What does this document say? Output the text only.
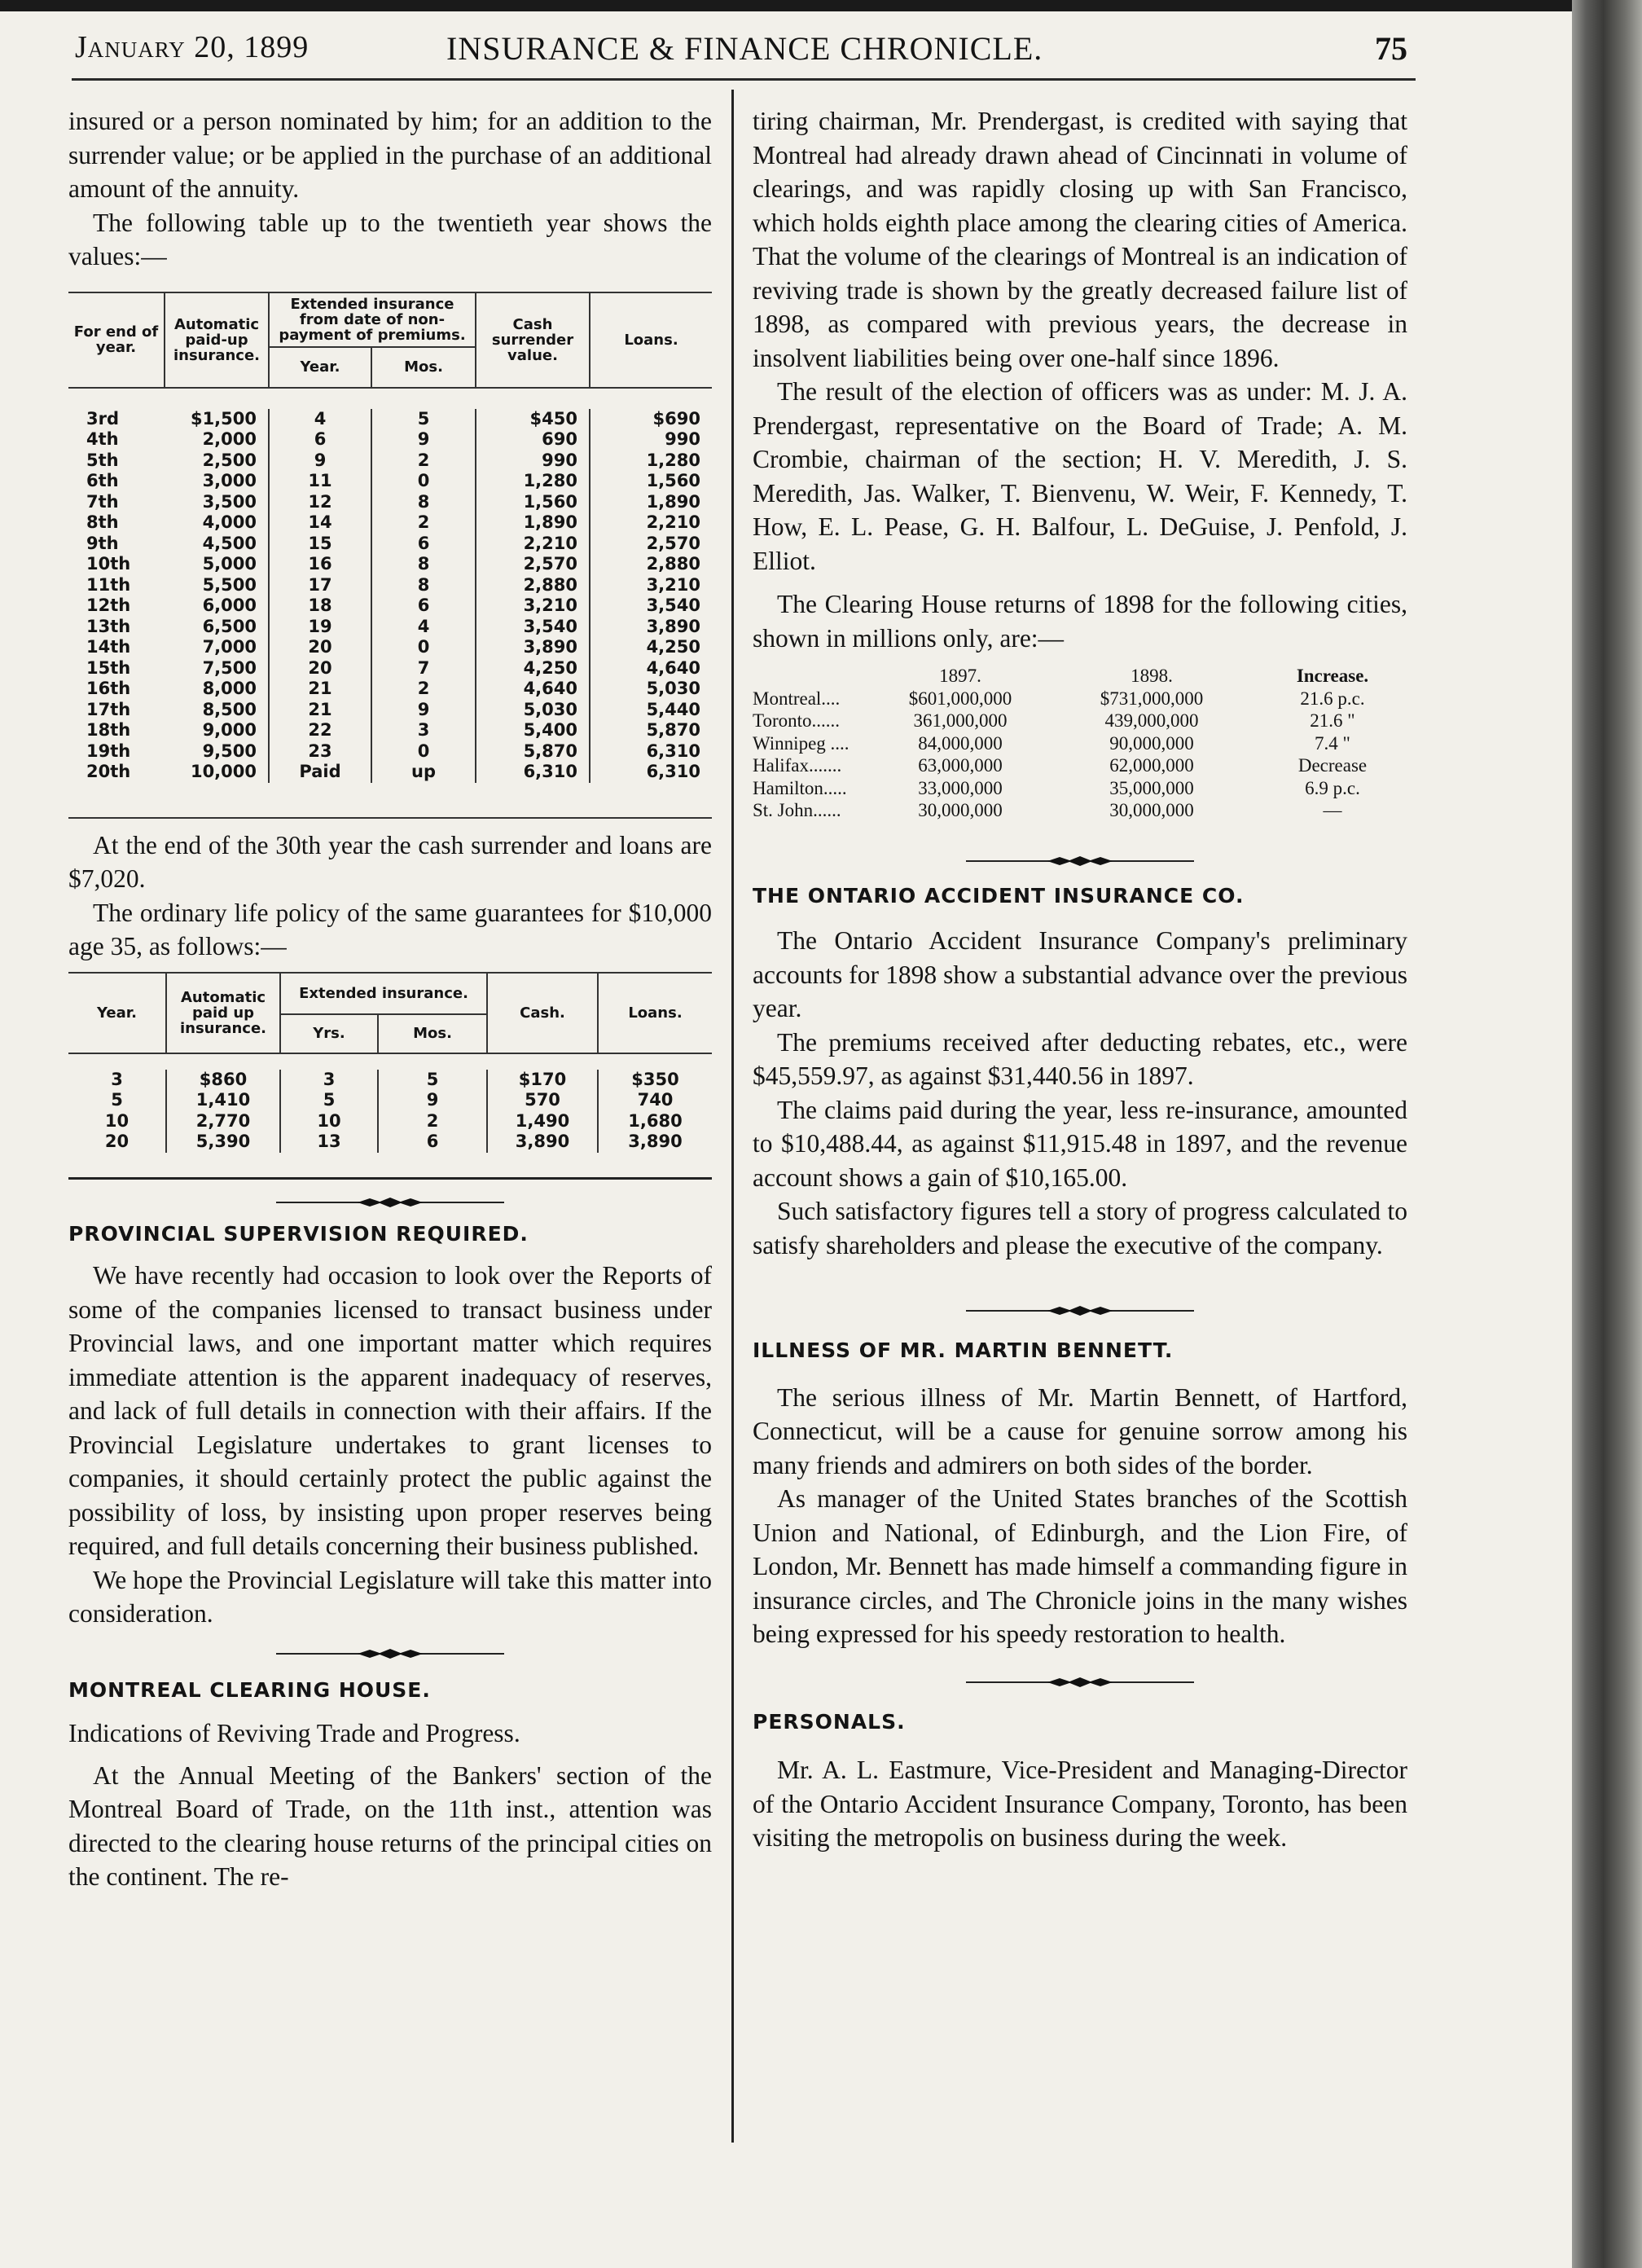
January 20, 1899	INSURANCE & FINANCE CHRONICLE.	75

insured or a person nominated by him; for an addition to the surrender value; or be applied in the purchase of an additional amount of the annuity.

The following table up to the twentieth year shows the values:—

For end of year.	Automatic paid-up insurance.	Extended insurance from date of non-payment of premiums.		Cash surrender value.	Loans.
		Year.	Mos.		

3rd	$1,500	4	5	$450	$690
4th	2,000	6	9	690	990
5th	2,500	9	2	990	1,280
6th	3,000	11	0	1,280	1,560
7th	3,500	12	8	1,560	1,890
8th	4,000	14	2	1,890	2,210
9th	4,500	15	6	2,210	2,570
10th	5,000	16	8	2,570	2,880
11th	5,500	17	8	2,880	3,210
12th	6,000	18	6	3,210	3,540
13th	6,500	19	4	3,540	3,890
14th	7,000	20	0	3,890	4,250
15th	7,500	20	7	4,250	4,640
16th	8,000	21	2	4,640	5,030
17th	8,500	21	9	5,030	5,440
18th	9,000	22	3	5,400	5,870
19th	9,500	23	0	5,870	6,310
20th	10,000	Paid	up	6,310	6,310

At the end of the 30th year the cash surrender and loans are $7,020.

The ordinary life policy of the same guarantees for $10,000 age 35, as follows:—

Year.	Automatic paid up insurance.	Extended insurance.		Cash.	Loans.
		Yrs.	Mos.		

3	$860	3	5	$170	$350
5	1,410	5	9	570	740
10	2,770	10	2	1,490	1,680
20	5,390	13	6	3,890	3,890

PROVINCIAL SUPERVISION REQUIRED.

We have recently had occasion to look over the Reports of some of the companies licensed to transact business under Provincial laws, and one important matter which requires immediate attention is the apparent inadequacy of reserves, and lack of full details in connection with their affairs. If the Provincial Legislature undertakes to grant licenses to companies, it should certainly protect the public against the possibility of loss, by insisting upon proper reserves being required, and full details concerning their business published.

We hope the Provincial Legislature will take this matter into consideration.

MONTREAL CLEARING HOUSE.

Indications of Reviving Trade and Progress.

At the Annual Meeting of the Bankers' section of the Montreal Board of Trade, on the 11th inst., attention was directed to the clearing house returns of the principal cities on the continent. The re-

tiring chairman, Mr. Prendergast, is credited with saying that Montreal had already drawn ahead of Cincinnati in volume of clearings, and was rapidly closing up with San Francisco, which holds eighth place among the clearing cities of America. That the volume of the clearings of Montreal is an indication of reviving trade is shown by the greatly decreased failure list of 1898, as compared with previous years, the decrease in insolvent liabilities being over one-half since 1896.

The result of the election of officers was as under: M. J. A. Prendergast, representative on the Board of Trade; A. M. Crombie, chairman of the section; H. V. Meredith, J. S. Meredith, Jas. Walker, T. Bienvenu, W. Weir, F. Kennedy, T. How, E. L. Pease, G. H. Balfour, L. DeGuise, J. Penfold, J. Elliot.

The Clearing House returns of 1898 for the following cities, shown in millions only, are:—

	1897.	1898.	Increase.
Montreal....	$601,000,000	$731,000,000	21.6 p.c.
Toronto......	361,000,000	439,000,000	21.6 "
Winnipeg ....	84,000,000	90,000,000	7.4 "
Halifax.......	63,000,000	62,000,000	Decrease
Hamilton.....	33,000,000	35,000,000	6.9 p.c.
St. John......	30,000,000	30,000,000	—

THE ONTARIO ACCIDENT INSURANCE CO.

The Ontario Accident Insurance Company's preliminary accounts for 1898 show a substantial advance over the previous year.

The premiums received after deducting rebates, etc., were $45,559.97, as against $31,440.56 in 1897.

The claims paid during the year, less re-insurance, amounted to $10,488.44, as against $11,915.48 in 1897, and the revenue account shows a gain of $10,165.00.

Such satisfactory figures tell a story of progress calculated to satisfy shareholders and please the executive of the company.

ILLNESS OF MR. MARTIN BENNETT.

The serious illness of Mr. Martin Bennett, of Hartford, Connecticut, will be a cause for genuine sorrow among his many friends and admirers on both sides of the border.

As manager of the United States branches of the Scottish Union and National, of Edinburgh, and the Lion Fire, of London, Mr. Bennett has made himself a commanding figure in insurance circles, and The Chronicle joins in the many wishes being expressed for his speedy restoration to health.

PERSONALS.

Mr. A. L. Eastmure, Vice-President and Managing-Director of the Ontario Accident Insurance Company, Toronto, has been visiting the metropolis on business during the week.
